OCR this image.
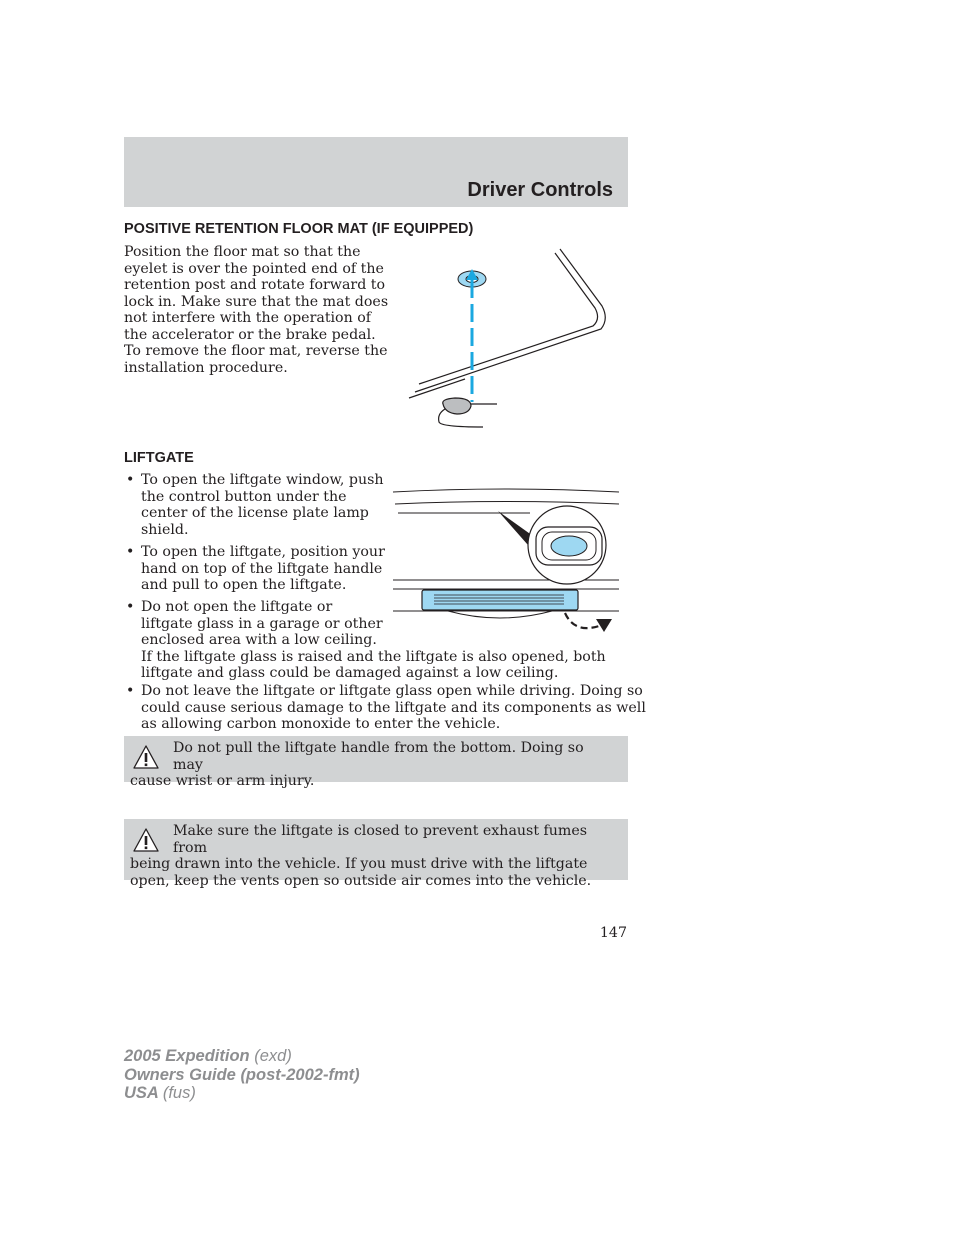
Driver Controls
POSITIVE RETENTION FLOOR MAT (IF EQUIPPED)

Position the floor mat so that the
eyelet is over the pointed end of the
retention post and rotate forward to
lock in. Make sure that the mat does
not interfere with the operation of
the accelerator or the brake pedal.
To remove the floor mat, reverse the
installation procedure.

LIFTGATE
• To open the liftgate window, push
the control button under the
center of the license plate lamp
shield.
• To open the liftgate, position your
hand on top of the liftgate handle
and pull to open the liftgate.
• Do not open the liftgate or
liftgate glass in a garage or other
enclosed area with a low ceiling.
If the liftgate glass is raised and the liftgate is also opened, both
liftgate and glass could be damaged against a low ceiling.
• Do not leave the liftgate or liftgate glass open while driving. Doing so
could cause serious damage to the liftgate and its components as well
as allowing carbon monoxide to enter the vehicle.

Do not pull the liftgate handle from the bottom. Doing so may
cause wrist or arm injury.

Make sure the liftgate is closed to prevent exhaust fumes from
being drawn into the vehicle. If you must drive with the liftgate
open, keep the vents open so outside air comes into the vehicle.

147

2005 Expedition (exd)
Owners Guide (post-2002-fmt)
USA (fus)
